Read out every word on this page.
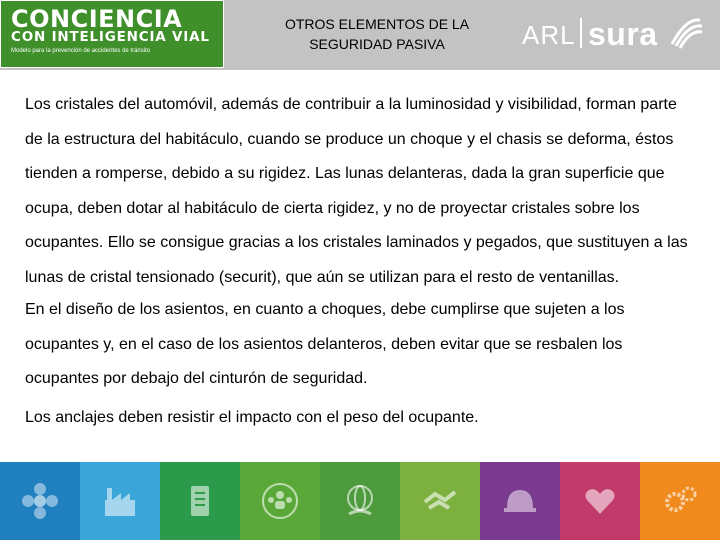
CONCIENCIA
CON INTELIGENCIA VIAL
Modelo para la prevención de accidentes de tránsito
OTROS ELEMENTOS DE LA SEGURIDAD PASIVA	ARL sura

Los cristales del automóvil, además de contribuir a la luminosidad y visibilidad, forman parte de la estructura del habitáculo, cuando se produce un choque y el chasis se deforma, éstos tienden a romperse, debido a su rigidez. Las lunas delanteras, dada la gran superficie que ocupa, deben dotar al habitáculo de cierta rigidez, y no de proyectar cristales sobre los ocupantes. Ello se consigue gracias a los cristales laminados y pegados, que sustituyen a las lunas de cristal tensionado (securit), que aún se utilizan para el resto de ventanillas.

En el diseño de los asientos, en cuanto a choques, debe cumplirse que sujeten a los ocupantes y, en el caso de los asientos delanteros, deben evitar que se resbalen los ocupantes por debajo del cinturón de seguridad.

Los anclajes deben resistir el impacto con el peso del ocupante.
